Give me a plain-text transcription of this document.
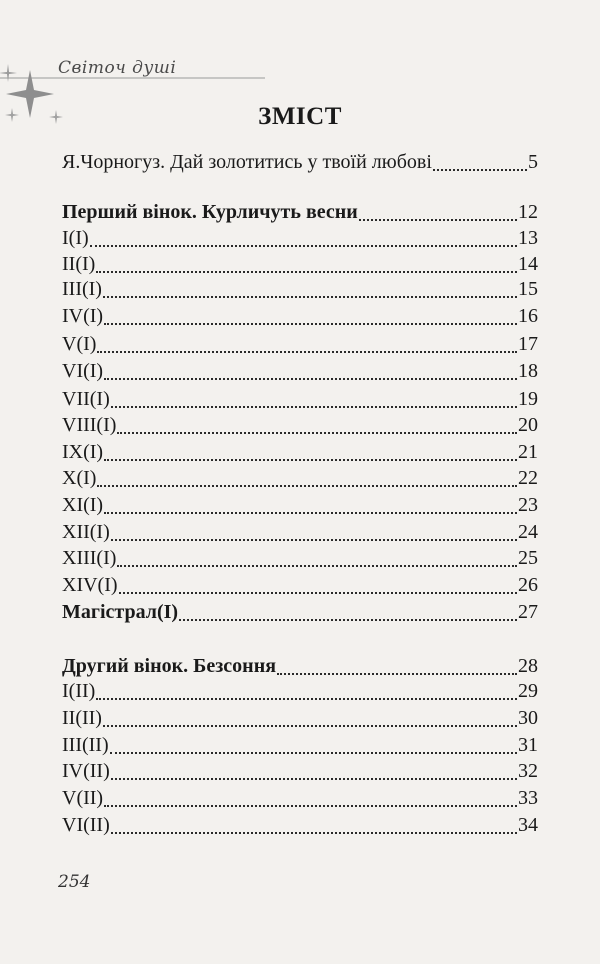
Світоч душі
ЗМІСТ
Я.Чорногуз. Дай золотитись у твоїй любові	5
Перший вінок. Курличуть весни	12
I(I)	13
II(I)	14
III(I)	15
IV(I)	16
V(I)	17
VI(I)	18
VII(I)	19
VIII(I)	20
IX(I)	21
X(I)	22
XI(I)	23
XII(I)	24
XIII(I)	25
XIV(I)	26
Магістрал(I)	27
Другий вінок. Безсоння	28
I(II)	29
II(II)	30
III(II)	31
IV(II)	32
V(II)	33
VI(II)	34
254
